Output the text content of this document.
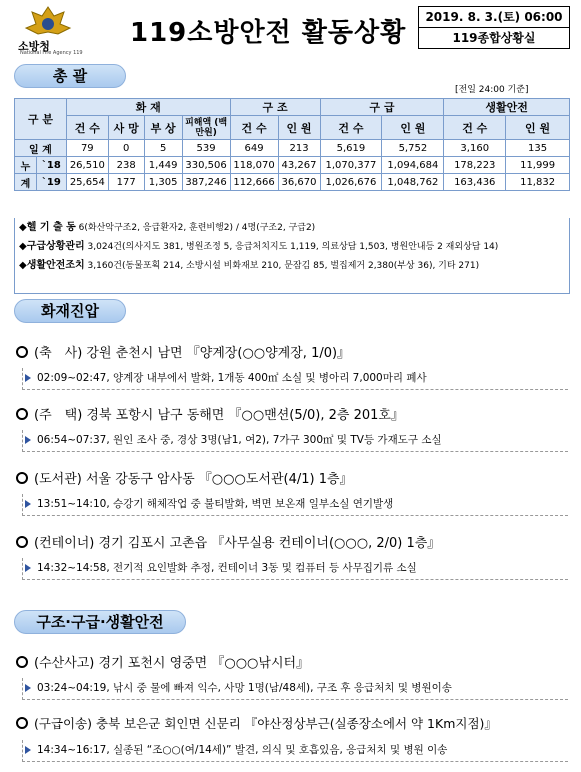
소방청
National Fire Agency 119
119소방안전 활동상황
2019. 8. 3.(토) 06:00
119종합상황실
총 괄
[전일 24:00 기준]
구 분		화 재				구 조		구 급		생활안전	
		건 수	사 망	부 상	피해액 (백만원)	건 수	인 원	건 수	인 원	건 수	인 원
일 계		79	0	5	539	649	213	5,619	5,752	3,160	135
누	`18	26,510	238	1,449	330,506	118,070	43,267	1,070,377	1,094,684	178,223	11,999
계	`19	25,654	177	1,305	387,246	112,666	36,670	1,026,676	1,048,762	163,436	11,832
◆헬 기 출 동 6(화산악구조2, 응급환자2, 훈련비행2) / 4명(구조2, 구급2)
◆구급상황관리 3,024건(의사지도 381, 병원조정 5, 응급처치지도 1,119, 의료상담 1,503, 병원안내등 2 재외상담 14)
◆생활안전조치 3,160건(동물포획 214, 소방시설 비화재보 210, 문잠김 85, 벌집제거 2,380(부상 36), 기타 271)
화재진압
(축　사) 강원 춘천시 남면 『양계장(○○양계장, 1/0)』
02:09~02:47, 양계장 내부에서 발화, 1개동 400㎡ 소실 및 병아리 7,000마리 폐사
(주　택) 경북 포항시 남구 동해면 『○○맨션(5/0), 2층 201호』
06:54~07:37, 원인 조사 중, 경상 3명(남1, 여2), 7가구 300㎡ 및 TV등 가재도구 소실
(도서관) 서울 강동구 암사동 『○○○도서관(4/1) 1층』
13:51~14:10, 승강기 해체작업 중 불티발화, 벽면 보온재 일부소실 연기발생
(컨테이너) 경기 김포시 고촌읍 『사무실용 컨테이너(○○○, 2/0) 1층』
14:32~14:58, 전기적 요인발화 추정, 컨테이너 3동 및 컴퓨터 등 사무집기류 소실
구조·구급·생활안전
(수산사고) 경기 포천시 영중면 『○○○낚시터』
03:24~04:19, 낚시 중 물에 빠져 익수, 사망 1명(남/48세), 구조 후 응급처치 및 병원이송
(구급이송) 충북 보은군 회인면 신문리 『야산정상부근(실종장소에서 약 1Km지점)』
14:34~16:17, 실종된 “조○○(여/14세)” 발견, 의식 및 호흡있음, 응급처치 및 병원 이송
